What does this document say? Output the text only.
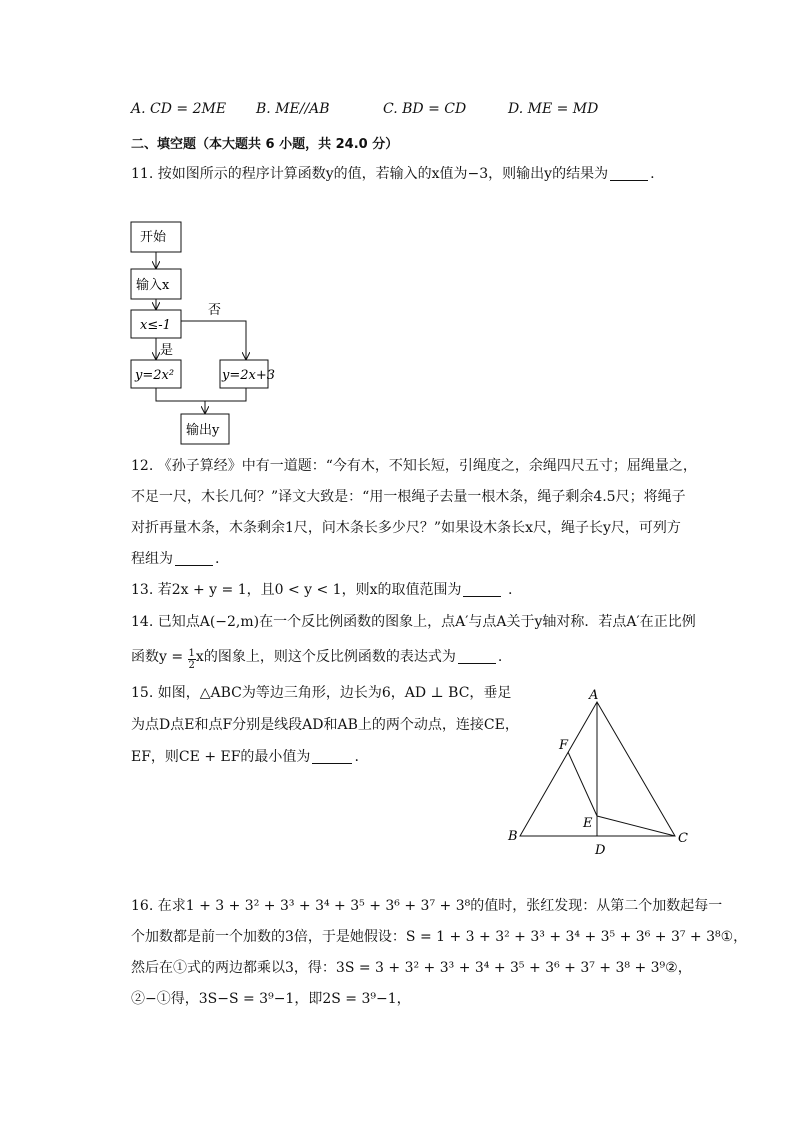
A. CD = 2ME B. ME//AB	C. BD = CD	D. ME = MD
二、填空题（本大题共 6 小题，共 24.0 分）
11. 按如图所示的程序计算函数y的值，若输入的x值为−3，则输出y的结果为	.
开始
输入x
x≤-1
否
是
y=2x²	y=2x+3
输出y
12. 《孙子算经》中有一道题：“今有木，不知长短，引绳度之，余绳四尺五寸；屈绳量之，
不足一尺，木长几何？”译文大致是：“用一根绳子去量一根木条，绳子剩余4.5尺；将绳子
对折再量木条，木条剩余1尺，问木条长多少尺？”如果设木条长x尺，绳子长y尺，可列方
程组为	.
13. 若2x + y = 1，且0 < y < 1，则x的取值范围为	.
14. 已知点A(−2,m)在一个反比例函数的图象上，点A′与点A关于y轴对称．若点A′在正比例
函数$y = \frac{1}{2}$ x的图象上，则这个反比例函数的表达式为	.
15. 如图，△ABC为等边三角形，边长为6，AD ⊥ BC，垂足
为点D点E和点F分别是线段AD和AB上的两个动点，连接CE，
EF，则CE + EF的最小值为	.
A
B	C
D
E
F
16. 在求1 + 3 + 3² + 3³ + 3⁴ + 3⁵ + 3⁶ + 3⁷ + 3⁸的值时，张红发现：从第二个加数起每一
个加数都是前一个加数的3倍，于是她假设：S = 1 + 3 + 3² + 3³ + 3⁴ + 3⁵ + 3⁶ + 3⁷ + 3⁸①，
然后在①式的两边都乘以3，得：3S = 3 + 3² + 3³ + 3⁴ + 3⁵ + 3⁶ + 3⁷ + 3⁸ + 3⁹②，
②−①得，3S−S = 3⁹−1，即2S = 3⁹−1，
